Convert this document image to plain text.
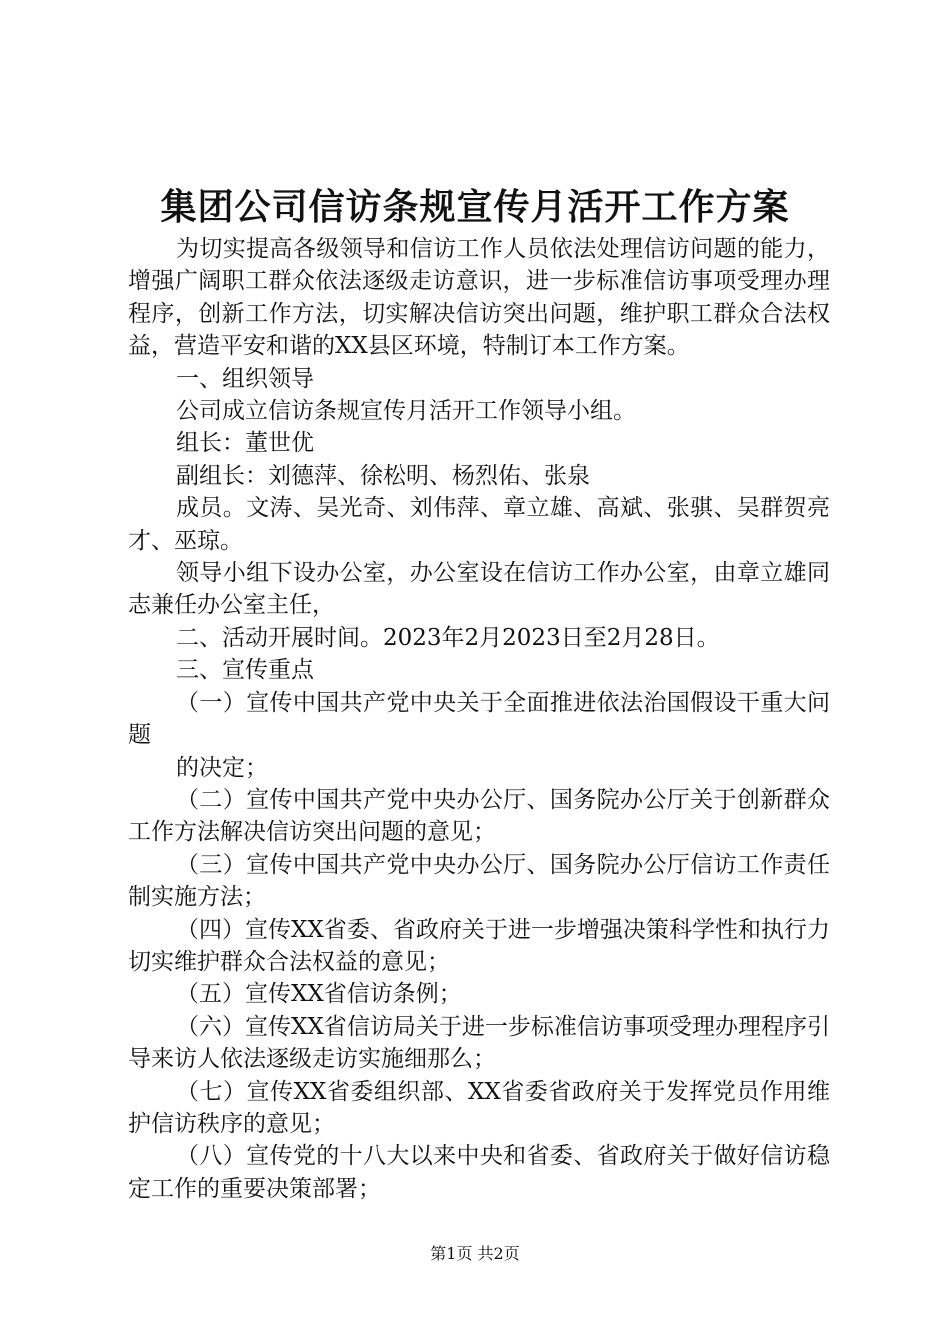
集团公司信访条规宣传月活开工作方案

为切实提高各级领导和信访工作人员依法处理信访问题的能力，增强广阔职工群众依法逐级走访意识，进一步标准信访事项受理办理程序，创新工作方法，切实解决信访突出问题，维护职工群众合法权益，营造平安和谐的XX县区环境，特制订本工作方案。

一、组织领导

公司成立信访条规宣传月活开工作领导小组。

组长：董世优

副组长：刘德萍、徐松明、杨烈佑、张泉

成员。文涛、吴光奇、刘伟萍、章立雄、高斌、张骐、吴群贺亮才、巫琼。

领导小组下设办公室，办公室设在信访工作办公室，由章立雄同志兼任办公室主任，

二、活动开展时间。2023年2月2023日至2月28日。

三、宣传重点

（一）宣传中国共产党中央关于全面推进依法治国假设干重大问题

的决定；

（二）宣传中国共产党中央办公厅、国务院办公厅关于创新群众工作方法解决信访突出问题的意见；

（三）宣传中国共产党中央办公厅、国务院办公厅信访工作责任制实施方法；

（四）宣传XX省委、省政府关于进一步增强决策科学性和执行力切实维护群众合法权益的意见；

（五）宣传XX省信访条例；

（六）宣传XX省信访局关于进一步标准信访事项受理办理程序引导来访人依法逐级走访实施细那么；

（七）宣传XX省委组织部、XX省委省政府关于发挥党员作用维护信访秩序的意见；

（八）宣传党的十八大以来中央和省委、省政府关于做好信访稳定工作的重要决策部署；

第1页 共2页
